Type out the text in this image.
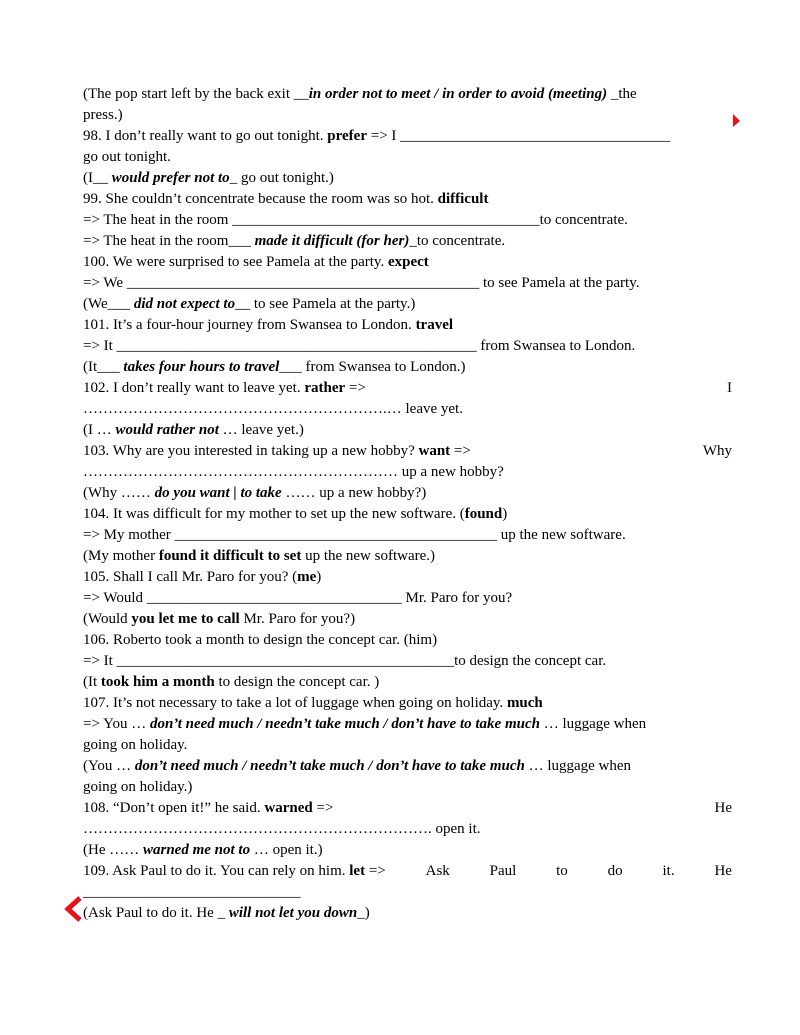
(The pop start left by the back exit __in order not to meet / in order to avoid (meeting) _the
press.)
98. I don’t really want to go out tonight. prefer => I ____________________________________
go out tonight.
(I__ would prefer not to_ go out tonight.)
99. She couldn’t concentrate because the room was so hot. difficult
=> The heat in the room _________________________________________to concentrate.
=> The heat in the room___ made it difficult (for her)_to concentrate.
100. We were surprised to see Pamela at the party. expect
=> We _______________________________________________ to see Pamela at the party.
(We___ did not expect to__ to see Pamela at the party.)
101. It’s a four-hour journey from Swansea to London. travel
=> It ________________________________________________ from Swansea to London.
(It___ takes four hours to travel___ from Swansea to London.)
102. I don’t really want to leave yet. rather =>	I
…………………………………………………….… leave yet.
(I … would rather not … leave yet.)
103. Why are you interested in taking up a new hobby? want =>	Why
……………………………………………………… up a new hobby?
(Why …… do you want | to take …… up a new hobby?)
104. It was difficult for my mother to set up the new software. (found)
=> My mother ___________________________________________ up the new software.
(My mother found it difficult to set up the new software.)
105. Shall I call Mr. Paro for you? (me)
=> Would __________________________________ Mr. Paro for you?
(Would you let me to call Mr. Paro for you?)
106. Roberto took a month to design the concept car. (him)
=> It _____________________________________________to design the concept car.
(It took him a month to design the concept car. )
107. It’s not necessary to take a lot of luggage when going on holiday. much
=> You … don’t need much / needn’t take much / don’t have to take much … luggage when
going on holiday.
(You … don’t need much / needn’t take much / don’t have to take much … luggage when
going on holiday.)
108. “Don’t open it!” he said. warned =>	He
……………………………………………………………. open it.
(He …… warned me not to … open it.)
109. Ask Paul to do it. You can rely on him. let =>	Ask	Paul	to	do	it.	He
_____________________________
(Ask Paul to do it. He _ will not let you down_)
